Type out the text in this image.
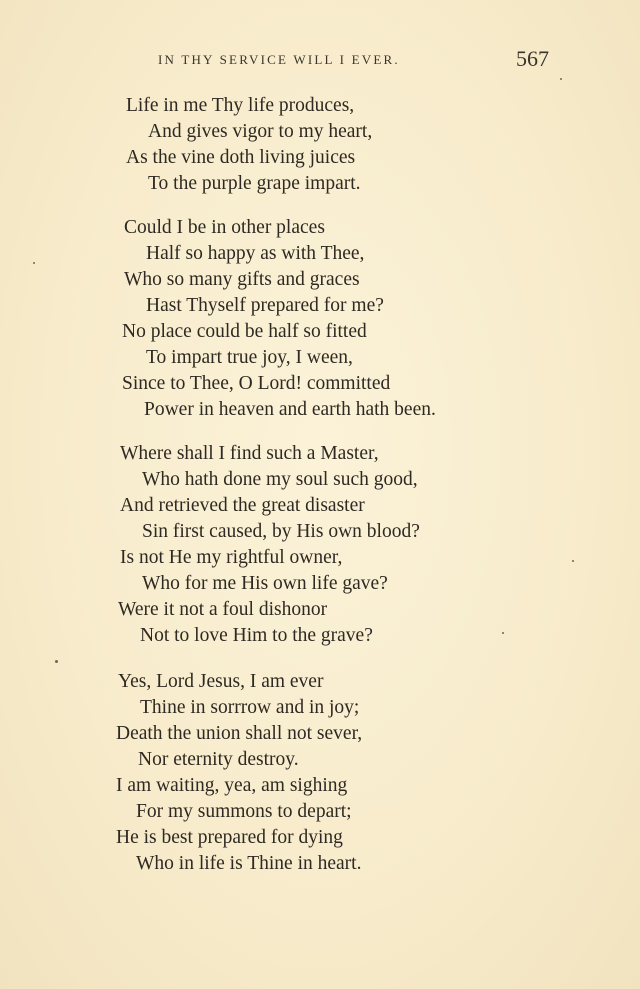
IN THY SERVICE WILL I EVER.	567
Life in me Thy life produces,
And gives vigor to my heart,
As the vine doth living juices
To the purple grape impart.
Could I be in other places
Half so happy as with Thee,
Who so many gifts and graces
Hast Thyself prepared for me?
No place could be half so fitted
To impart true joy, I ween,
Since to Thee, O Lord! committed
Power in heaven and earth hath been.
Where shall I find such a Master,
Who hath done my soul such good,
And retrieved the great disaster
Sin first caused, by His own blood?
Is not He my rightful owner,
Who for me His own life gave?
Were it not a foul dishonor
Not to love Him to the grave?
Yes, Lord Jesus, I am ever
Thine in sorrrow and in joy;
Death the union shall not sever,
Nor eternity destroy.
I am waiting, yea, am sighing
For my summons to depart;
He is best prepared for dying
Who in life is Thine in heart.
